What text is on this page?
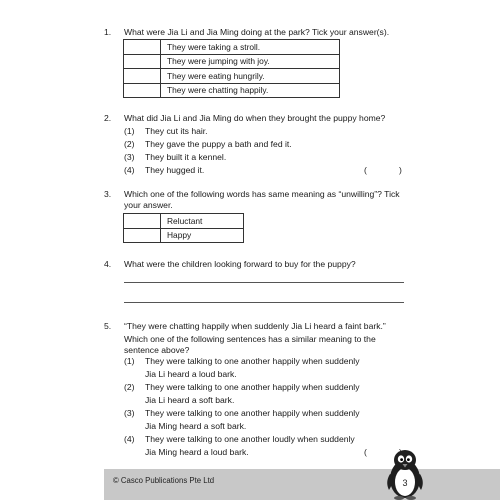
1. What were Jia Li and Jia Ming doing at the park? Tick your answer(s).
	They were taking a stroll.
	They were jumping with joy.
	They were eating hungrily.
	They were chatting happily.
2. What did Jia Li and Jia Ming do when they brought the puppy home?
(1) They cut its hair.
(2) They gave the puppy a bath and fed it.
(3) They built it a kennel.
(4) They hugged it.	(	)
3. Which one of the following words has same meaning as “unwilling”? Tick your answer.
	Reluctant
	Happy
4. What were the children looking forward to buy for the puppy?
5. “They were chatting happily when suddenly Jia Li heard a faint bark.”
Which one of the following sentences has a similar meaning to the sentence above?
(1) They were talking to one another happily when suddenly
Jia Li heard a loud bark.
(2) They were talking to one another happily when suddenly
Jia Li heard a soft bark.
(3) They were talking to one another happily when suddenly
Jia Ming heard a soft bark.
(4) They were talking to one another loudly when suddenly
Jia Ming heard a loud bark.	(
© Casco Publications Pte Ltd	3
